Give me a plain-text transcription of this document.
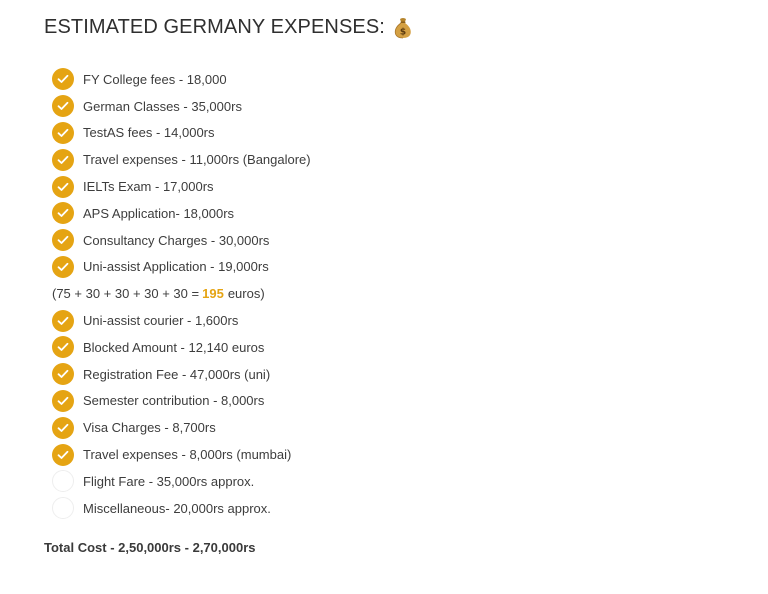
ESTIMATED GERMANY EXPENSES: $
FY College fees - 18,000
German Classes - 35,000rs
TestAS fees - 14,000rs
Travel expenses - 11,000rs (Bangalore)
IELTs Exam - 17,000rs
APS Application- 18,000rs
Consultancy Charges - 30,000rs
Uni-assist Application - 19,000rs
(75 + 30 + 30 + 30 + 30 = 195 euros)
Uni-assist courier - 1,600rs
Blocked Amount - 12,140 euros
Registration Fee - 47,000rs (uni)
Semester contribution - 8,000rs
Visa Charges - 8,700rs
Travel expenses - 8,000rs (mumbai)
Flight Fare - 35,000rs approx.
Miscellaneous- 20,000rs approx.
Total Cost - 2,50,000rs - 2,70,000rs
